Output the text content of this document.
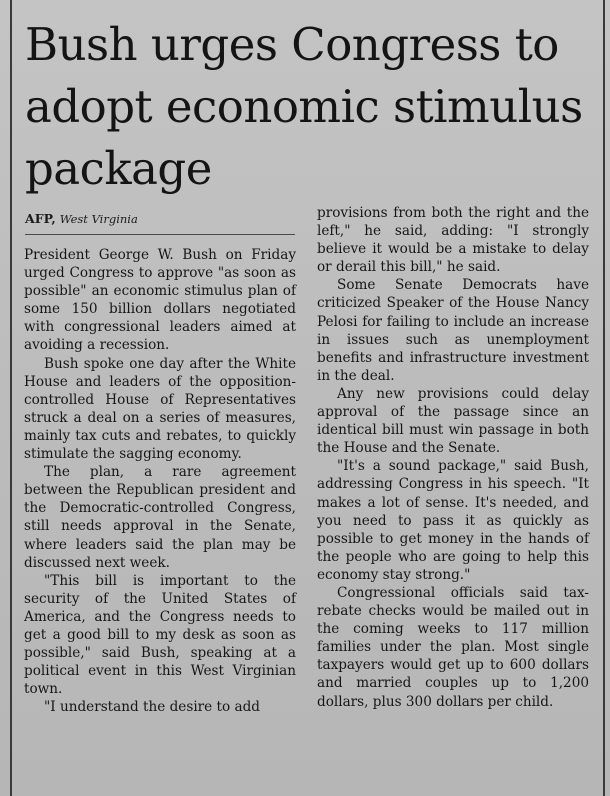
Bush urges Congress to adopt economic stimulus package
AFP, West Virginia

President George W. Bush on Friday urged Congress to approve "as soon as possible" an economic stimulus plan of some 150 billion dollars negotiated with congressional leaders aimed at avoiding a recession.

Bush spoke one day after the White House and leaders of the opposition-controlled House of Representatives struck a deal on a series of measures, mainly tax cuts and rebates, to quickly stimulate the sagging economy.

The plan, a rare agreement between the Republican president and the Democratic-controlled Congress, still needs approval in the Senate, where leaders said the plan may be discussed next week.

"This bill is important to the security of the United States of America, and the Congress needs to get a good bill to my desk as soon as possible," said Bush, speaking at a political event in this West Virginian town.

"I understand the desire to add

provisions from both the right and the left," he said, adding: "I strongly believe it would be a mistake to delay or derail this bill," he said.

Some Senate Democrats have criticized Speaker of the House Nancy Pelosi for failing to include an increase in issues such as unemployment benefits and infrastructure investment in the deal.

Any new provisions could delay approval of the passage since an identical bill must win passage in both the House and the Senate.

"It's a sound package," said Bush, addressing Congress in his speech. "It makes a lot of sense. It's needed, and you need to pass it as quickly as possible to get money in the hands of the people who are going to help this economy stay strong."

Congressional officials said tax-rebate checks would be mailed out in the coming weeks to 117 million families under the plan. Most single taxpayers would get up to 600 dollars and married couples up to 1,200 dollars, plus 300 dollars per child.
